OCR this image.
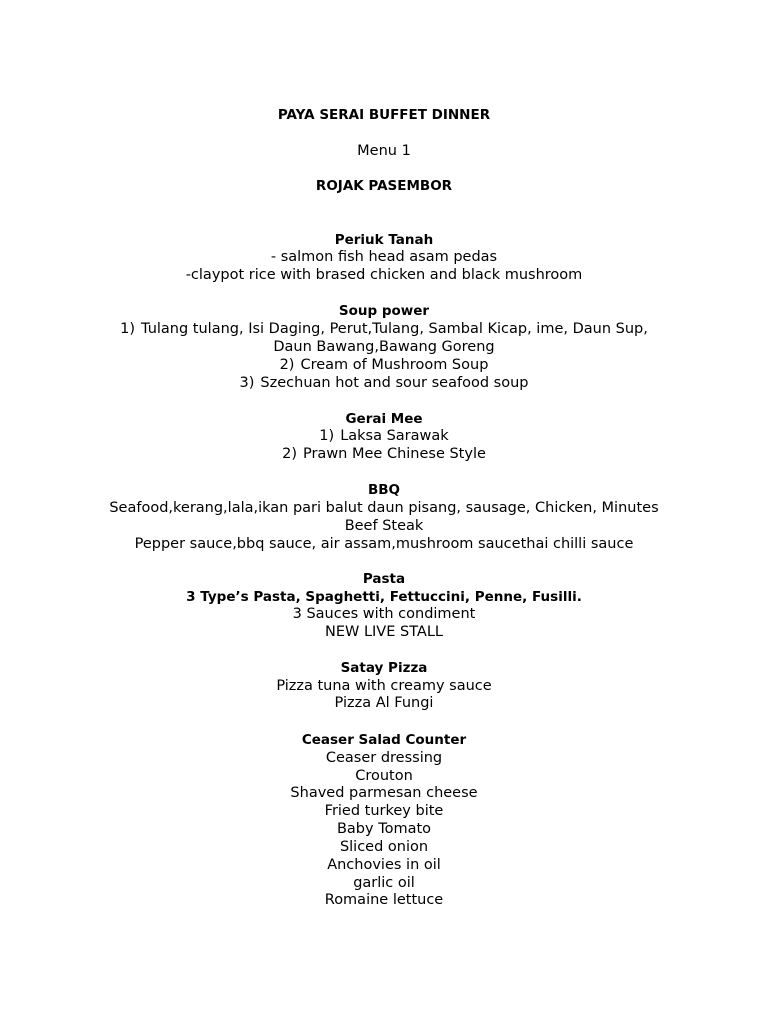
PAYA SERAI BUFFET DINNER

Menu 1

ROJAK PASEMBOR

Periuk Tanah

- salmon fish head asam pedas

-claypot rice with brased chicken and black mushroom

Soup power

1) Tulang tulang, Isi Daging, Perut,Tulang, Sambal Kicap, ime, Daun Sup,

Daun Bawang,Bawang Goreng

2) Cream of Mushroom Soup

3) Szechuan hot and sour seafood soup

Gerai Mee

1) Laksa Sarawak

2) Prawn Mee Chinese Style

BBQ

Seafood,kerang,lala,ikan pari balut daun pisang, sausage, Chicken, Minutes

Beef Steak

Pepper sauce,bbq sauce, air assam,mushroom saucethai chilli sauce

Pasta

3 Type’s Pasta, Spaghetti, Fettuccini, Penne, Fusilli.

3 Sauces with condiment

NEW LIVE STALL

Satay Pizza

Pizza tuna with creamy sauce

Pizza Al Fungi

Ceaser Salad Counter

Ceaser dressing

Crouton

Shaved parmesan cheese

Fried turkey bite

Baby Tomato

Sliced onion

Anchovies in oil

garlic oil

Romaine lettuce
